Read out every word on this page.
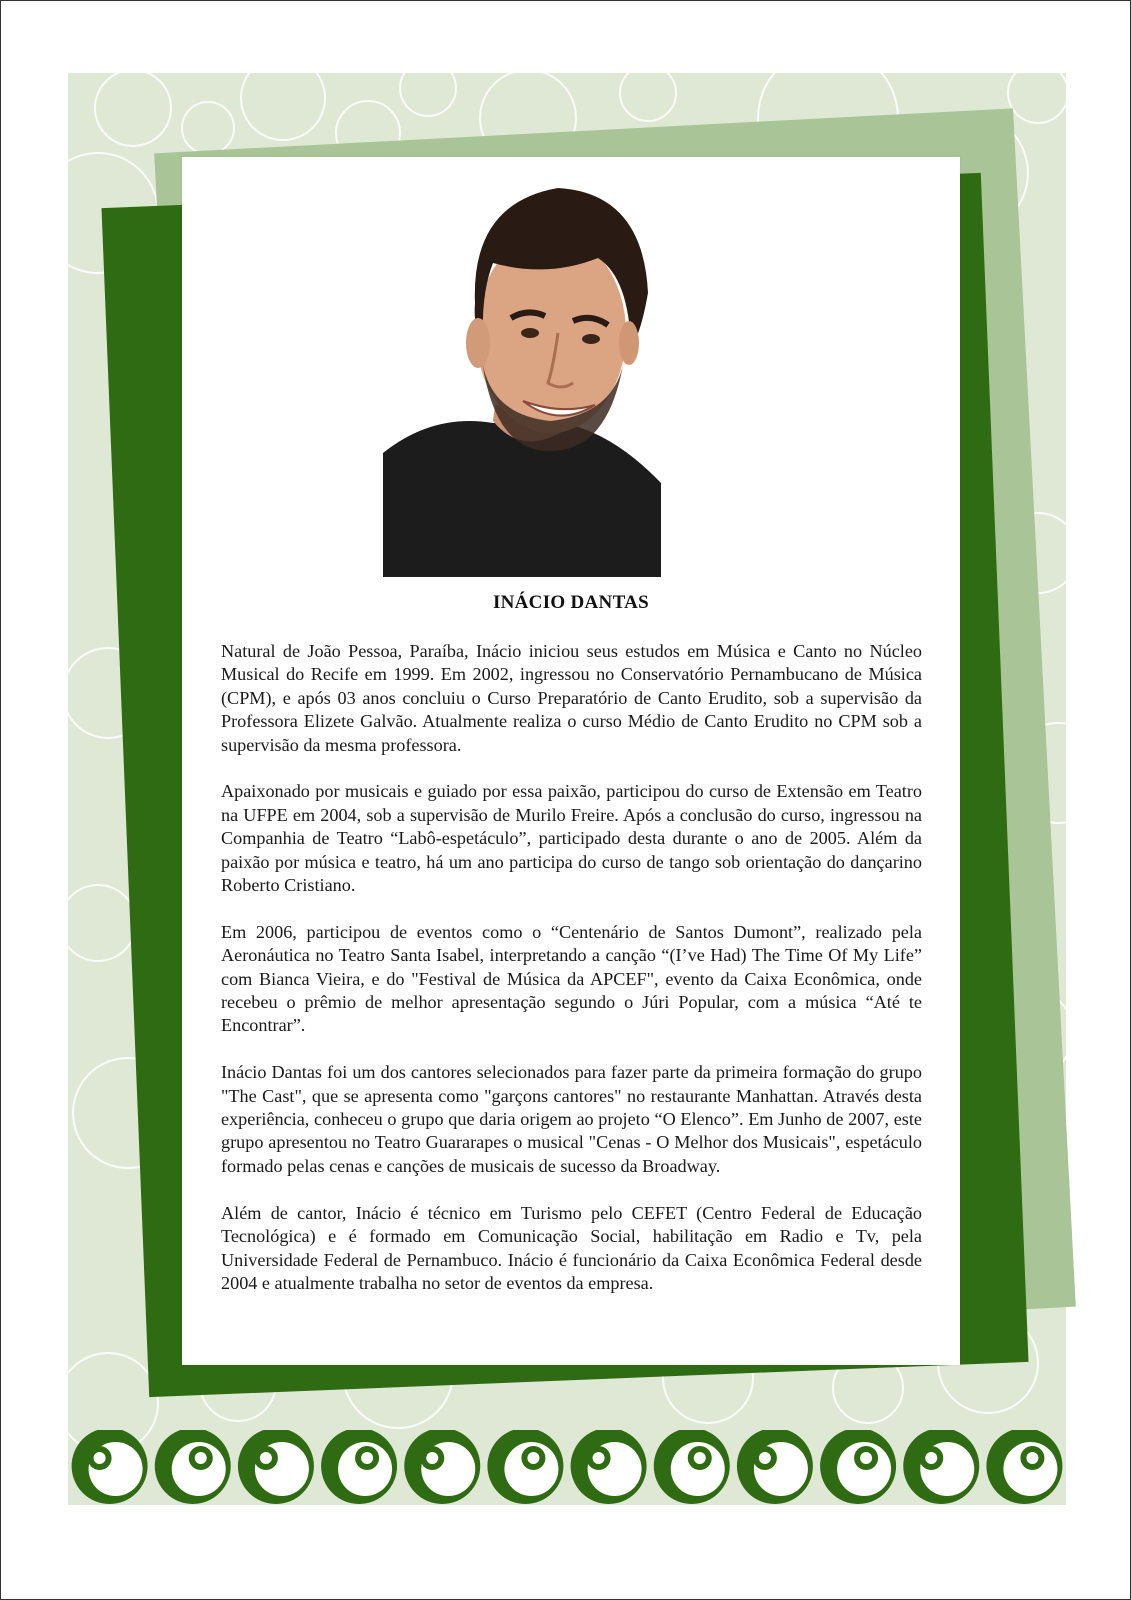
INÁCIO DANTAS

Natural de João Pessoa, Paraíba, Inácio iniciou seus estudos em Música e Canto no Núcleo Musical do Recife em 1999. Em 2002, ingressou no Conservatório Pernambucano de Música (CPM), e após 03 anos concluiu o Curso Preparatório de Canto Erudito, sob a supervisão da Professora Elizete Galvão. Atualmente realiza o curso Médio de Canto Erudito no CPM sob a supervisão da mesma professora.

Apaixonado por musicais e guiado por essa paixão, participou do curso de Extensão em Teatro na UFPE em 2004, sob a supervisão de Murilo Freire. Após a conclusão do curso, ingressou na Companhia de Teatro “Labô-espetáculo”, participado desta durante o ano de 2005. Além da paixão por música e teatro, há um ano participa do curso de tango sob orientação do dançarino Roberto Cristiano.

Em 2006, participou de eventos como o “Centenário de Santos Dumont”, realizado pela Aeronáutica no Teatro Santa Isabel, interpretando a canção “(I’ve Had) The Time Of My Life” com Bianca Vieira, e do "Festival de Música da APCEF", evento da Caixa Econômica, onde recebeu o prêmio de melhor apresentação segundo o Júri Popular, com a música “Até te Encontrar”.

Inácio Dantas foi um dos cantores selecionados para fazer parte da primeira formação do grupo "The Cast", que se apresenta como "garçons cantores" no restaurante Manhattan. Através desta experiência, conheceu o grupo que daria origem ao projeto “O Elenco”. Em Junho de 2007, este grupo apresentou no Teatro Guararapes o musical "Cenas - O Melhor dos Musicais", espetáculo formado pelas cenas e canções de musicais de sucesso da Broadway.

Além de cantor, Inácio é técnico em Turismo pelo CEFET (Centro Federal de Educação Tecnológica) e é formado em Comunicação Social, habilitação em Radio e Tv, pela Universidade Federal de Pernambuco. Inácio é funcionário da Caixa Econômica Federal desde 2004 e atualmente trabalha no setor de eventos da empresa.
